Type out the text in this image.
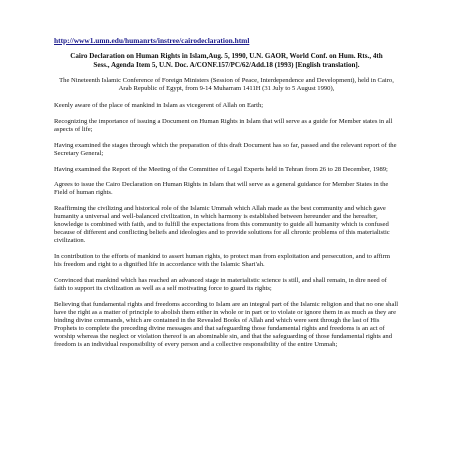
http://www1.umn.edu/humanrts/instree/cairodeclaration.html
Cairo Declaration on Human Rights in Islam,Aug. 5, 1990, U.N. GAOR, World Conf. on Hum. Rts., 4th Sess., Agenda Item 5, U.N. Doc. A/CONF.157/PC/62/Add.18 (1993) [English translation].
The Nineteenth Islamic Conference of Foreign Ministers (Session of Peace, Interdependence and Development), held in Cairo, Arab Republic of Egypt, from 9-14 Muharram 1411H (31 July to 5 August 1990),

Keenly aware of the place of mankind in Islam as vicegerent of Allah on Earth;

Recognizing the importance of issuing a Document on Human Rights in Islam that will serve as a guide for Member states in all aspects of life;

Having examined the stages through which the preparation of this draft Document has so far, passed and the relevant report of the Secretary General;

Having examined the Report of the Meeting of the Committee of Legal Experts held in Tehran from 26 to 28 December, 1989;

Agrees to issue the Cairo Declaration on Human Rights in Islam that will serve as a general guidance for Member States in the Field of human rights.

Reaffirming the civilizing and historical role of the Islamic Ummah which Allah made as the best community and which gave humanity a universal and well-balanced civilization, in which harmony is established between hereunder and the hereafter, knowledge is combined with faith, and to fulfill the expectations from this community to guide all humanity which is confused because of different and conflicting beliefs and ideologies and to provide solutions for all chronic problems of this materialistic civilization.

In contribution to the efforts of mankind to assert human rights, to protect man from exploitation and persecution, and to affirm his freedom and right to a dignified life in accordance with the Islamic Shari'ah.

Convinced that mankind which has reached an advanced stage in materialistic science is still, and shall remain, in dire need of faith to support its civilization as well as a self motivating force to guard its rights;

Believing that fundamental rights and freedoms according to Islam are an integral part of the Islamic religion and that no one shall have the right as a matter of principle to abolish them either in whole or in part or to violate or ignore them in as much as they are binding divine commands, which are contained in the Revealed Books of Allah and which were sent through the last of His Prophets to complete the preceding divine messages and that safeguarding those fundamental rights and freedoms is an act of worship whereas the neglect or violation thereof is an abominable sin, and that the safeguarding of those fundamental rights and freedom is an individual responsibility of every person and a collective responsibility of the entire Ummah;
